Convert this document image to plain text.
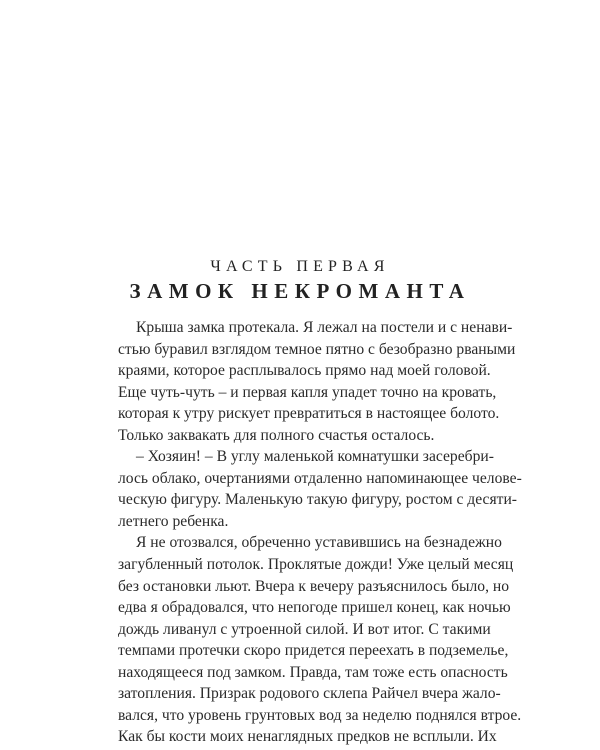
ЧАСТЬ ПЕРВАЯ
ЗАМОК НЕКРОМАНТА
Крыша замка протекала. Я лежал на постели и с ненави-
стью буравил взглядом темное пятно с безобразно рваными
краями, которое расплывалось прямо над моей головой.
Еще чуть-чуть – и первая капля упадет точно на кровать,
которая к утру рискует превратиться в настоящее болото.
Только заквакать для полного счастья осталось.
– Хозяин! – В углу маленькой комнатушки засеребри-
лось облако, очертаниями отдаленно напоминающее челове-
ческую фигуру. Маленькую такую фигуру, ростом с десяти-
летнего ребенка.
Я не отозвался, обреченно уставившись на безнадежно
загубленный потолок. Проклятые дожди! Уже целый месяц
без остановки льют. Вчера к вечеру разъяснилось было, но
едва я обрадовался, что непогоде пришел конец, как ночью
дождь ливанул с утроенной силой. И вот итог. С такими
темпами протечки скоро придется переехать в подземелье,
находящееся под замком. Правда, там тоже есть опасность
затопления. Призрак родового склепа Райчел вчера жало-
вался, что уровень грунтовых вод за неделю поднялся втрое.
Как бы кости моих ненаглядных предков не всплыли. Их
